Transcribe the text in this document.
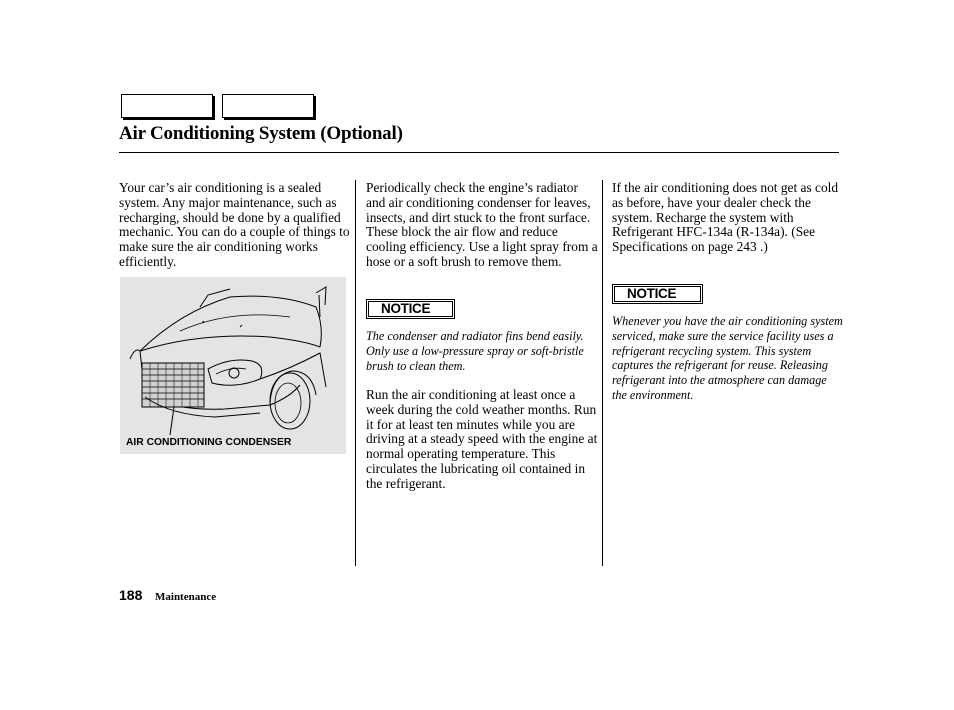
Air Conditioning System (Optional)

Your car’s air conditioning is a sealed system. Any major maintenance, such as recharging, should be done by a qualified mechanic. You can do a couple of things to make sure the air conditioning works efficiently.

AIR CONDITIONING CONDENSER

Periodically check the engine’s radiator and air conditioning condenser for leaves, insects, and dirt stuck to the front surface. These block the air flow and reduce cooling efficiency. Use a light spray from a hose or a soft brush to remove them.

NOTICE

The condenser and radiator fins bend easily. Only use a low-pressure spray or soft-bristle brush to clean them.

Run the air conditioning at least once a week during the cold weather months. Run it for at least ten minutes while you are driving at a steady speed with the engine at normal operating temperature. This circulates the lubricating oil contained in the refrigerant.

If the air conditioning does not get as cold as before, have your dealer check the system. Recharge the system with Refrigerant HFC-134a (R-134a). (See Specifications on page 243 .)

NOTICE

Whenever you have the air conditioning system serviced, make sure the service facility uses a refrigerant recycling system. This system captures the refrigerant for reuse. Releasing refrigerant into the atmosphere can damage the environment.

188 Maintenance
